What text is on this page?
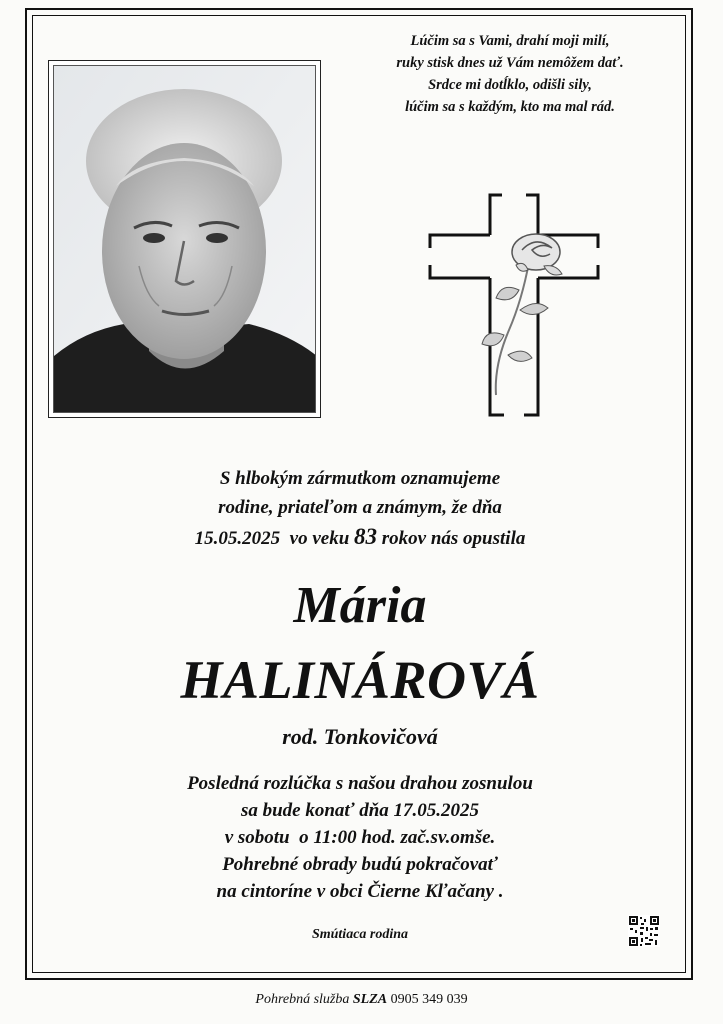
Lúčim sa s Vami, drahí moji milí,
ruky stisk dnes už Vám nemôžem dať.
Srdce mi dotĺklo, odišli sily,
lúčim sa s každým, kto ma mal rád.
S hlbokým zármutkom oznamujeme
rodine, priateľom a známym, že dňa
15.05.2025 vo veku 83 rokov nás opustila
Mária
HALINÁROVÁ
rod. Tonkovičová
Posledná rozlúčka s našou drahou zosnulou
sa bude konať dňa 17.05.2025
v sobotu  o 11:00 hod. zač.sv.omše.
Pohrebné obrady budú pokračovať
na cintoríne v obci Čierne Kľačany .
Smútiaca rodina
Pohrebná služba SLZA 0905 349 039
